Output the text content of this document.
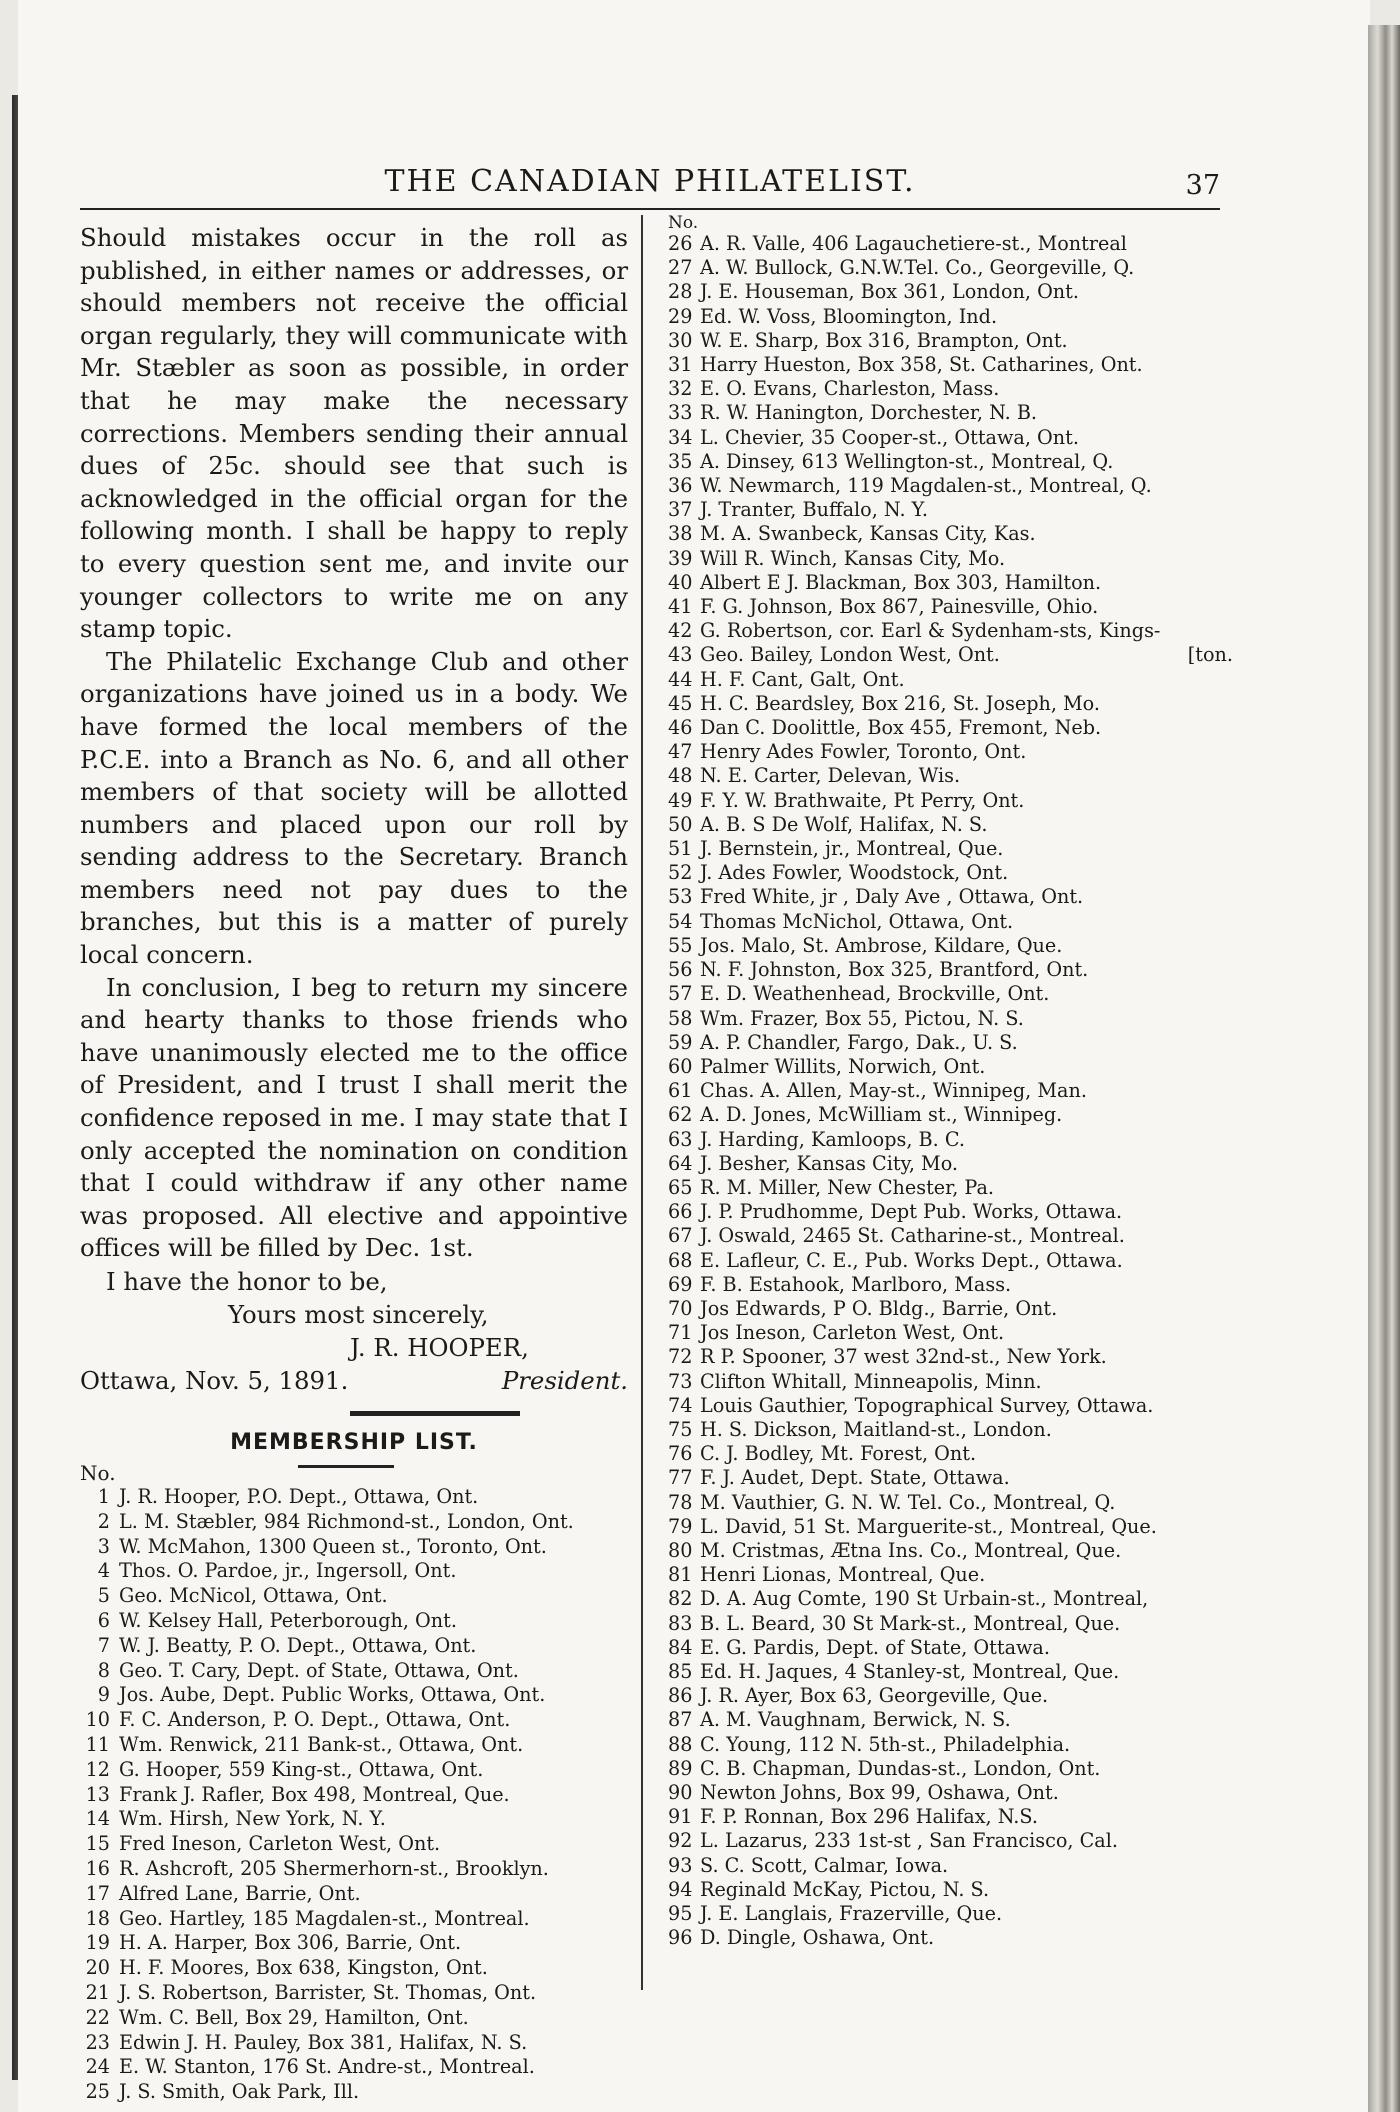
THE CANADIAN PHILATELIST.	37

Should mistakes occur in the roll as published, in either names or addresses, or should members not receive the official organ regularly, they will communicate with Mr. Stæbler as soon as possible, in order that he may make the necessary corrections. Members sending their annual dues of 25c. should see that such is acknowledged in the official organ for the following month. I shall be happy to reply to every question sent me, and invite our younger collectors to write me on any stamp topic.

The Philatelic Exchange Club and other organizations have joined us in a body. We have formed the local members of the P.C.E. into a Branch as No. 6, and all other members of that society will be allotted numbers and placed upon our roll by sending address to the Secretary. Branch members need not pay dues to the branches, but this is a matter of purely local concern.

In conclusion, I beg to return my sincere and hearty thanks to those friends who have unanimously elected me to the office of President, and I trust I shall merit the confidence reposed in me. I may state that I only accepted the nomination on condition that I could withdraw if any other name was proposed. All elective and appointive offices will be filled by Dec. 1st.

I have the honor to be,
Yours most sincerely,
J. R. HOOPER,
Ottawa, Nov. 5, 1891.	President.
MEMBERSHIP LIST.
No.
1 J. R. Hooper, P.O. Dept., Ottawa, Ont.
2 L. M. Stæbler, 984 Richmond-st., London, Ont.
3 W. McMahon, 1300 Queen st., Toronto, Ont.
4 Thos. O. Pardoe, jr., Ingersoll, Ont.
5 Geo. McNicol, Ottawa, Ont.
6 W. Kelsey Hall, Peterborough, Ont.
7 W. J. Beatty, P. O. Dept., Ottawa, Ont.
8 Geo. T. Cary, Dept. of State, Ottawa, Ont.
9 Jos. Aube, Dept. Public Works, Ottawa, Ont.
10 F. C. Anderson, P. O. Dept., Ottawa, Ont.
11 Wm. Renwick, 211 Bank-st., Ottawa, Ont.
12 G. Hooper, 559 King-st., Ottawa, Ont.
13 Frank J. Rafler, Box 498, Montreal, Que.
14 Wm. Hirsh, New York, N. Y.
15 Fred Ineson, Carleton West, Ont.
16 R. Ashcroft, 205 Shermerhorn-st., Brooklyn.
17 Alfred Lane, Barrie, Ont.
18 Geo. Hartley, 185 Magdalen-st., Montreal.
19 H. A. Harper, Box 306, Barrie, Ont.
20 H. F. Moores, Box 638, Kingston, Ont.
21 J. S. Robertson, Barrister, St. Thomas, Ont.
22 Wm. C. Bell, Box 29, Hamilton, Ont.
23 Edwin J. H. Pauley, Box 381, Halifax, N. S.
24 E. W. Stanton, 176 St. Andre-st., Montreal.
25 J. S. Smith, Oak Park, Ill.
No.
26 A. R. Valle, 406 Lagauchetiere-st., Montreal
27 A. W. Bullock, G.N.W.Tel. Co., Georgeville, Q.
28 J. E. Houseman, Box 361, London, Ont.
29 Ed. W. Voss, Bloomington, Ind.
30 W. E. Sharp, Box 316, Brampton, Ont.
31 Harry Hueston, Box 358, St. Catharines, Ont.
32 E. O. Evans, Charleston, Mass.
33 R. W. Hanington, Dorchester, N. B.
34 L. Chevier, 35 Cooper-st., Ottawa, Ont.
35 A. Dinsey, 613 Wellington-st., Montreal, Q.
36 W. Newmarch, 119 Magdalen-st., Montreal, Q.
37 J. Tranter, Buffalo, N. Y.
38 M. A. Swanbeck, Kansas City, Kas.
39 Will R. Winch, Kansas City, Mo.
40 Albert E J. Blackman, Box 303, Hamilton.
41 F. G. Johnson, Box 867, Painesville, Ohio.
42 G. Robertson, cor. Earl & Sydenham-sts, Kings-
43 Geo. Bailey, London West, Ont.	[ton.
44 H. F. Cant, Galt, Ont.
45 H. C. Beardsley, Box 216, St. Joseph, Mo.
46 Dan C. Doolittle, Box 455, Fremont, Neb.
47 Henry Ades Fowler, Toronto, Ont.
48 N. E. Carter, Delevan, Wis.
49 F. Y. W. Brathwaite, Pt Perry, Ont.
50 A. B. S De Wolf, Halifax, N. S.
51 J. Bernstein, jr., Montreal, Que.
52 J. Ades Fowler, Woodstock, Ont.
53 Fred White, jr , Daly Ave , Ottawa, Ont.
54 Thomas McNichol, Ottawa, Ont.
55 Jos. Malo, St. Ambrose, Kildare, Que.
56 N. F. Johnston, Box 325, Brantford, Ont.
57 E. D. Weathenhead, Brockville, Ont.
58 Wm. Frazer, Box 55, Pictou, N. S.
59 A. P. Chandler, Fargo, Dak., U. S.
60 Palmer Willits, Norwich, Ont.
61 Chas. A. Allen, May-st., Winnipeg, Man.
62 A. D. Jones, McWilliam st., Winnipeg.
63 J. Harding, Kamloops, B. C.
64 J. Besher, Kansas City, Mo.
65 R. M. Miller, New Chester, Pa.
66 J. P. Prudhomme, Dept Pub. Works, Ottawa.
67 J. Oswald, 2465 St. Catharine-st., Montreal.
68 E. Lafleur, C. E., Pub. Works Dept., Ottawa.
69 F. B. Estahook, Marlboro, Mass.
70 Jos Edwards, P O. Bldg., Barrie, Ont.
71 Jos Ineson, Carleton West, Ont.
72 R P. Spooner, 37 west 32nd-st., New York.
73 Clifton Whitall, Minneapolis, Minn.
74 Louis Gauthier, Topographical Survey, Ottawa.
75 H. S. Dickson, Maitland-st., London.
76 C. J. Bodley, Mt. Forest, Ont.
77 F. J. Audet, Dept. State, Ottawa.
78 M. Vauthier, G. N. W. Tel. Co., Montreal, Q.
79 L. David, 51 St. Marguerite-st., Montreal, Que.
80 M. Cristmas, Ætna Ins. Co., Montreal, Que.
81 Henri Lionas, Montreal, Que.
82 D. A. Aug Comte, 190 St Urbain-st., Montreal,
83 B. L. Beard, 30 St Mark-st., Montreal, Que.
84 E. G. Pardis, Dept. of State, Ottawa.
85 Ed. H. Jaques, 4 Stanley-st, Montreal, Que.
86 J. R. Ayer, Box 63, Georgeville, Que.
87 A. M. Vaughnam, Berwick, N. S.
88 C. Young, 112 N. 5th-st., Philadelphia.
89 C. B. Chapman, Dundas-st., London, Ont.
90 Newton Johns, Box 99, Oshawa, Ont.
91 F. P. Ronnan, Box 296 Halifax, N.S.
92 L. Lazarus, 233 1st-st , San Francisco, Cal.
93 S. C. Scott, Calmar, Iowa.
94 Reginald McKay, Pictou, N. S.
95 J. E. Langlais, Frazerville, Que.
96 D. Dingle, Oshawa, Ont.
